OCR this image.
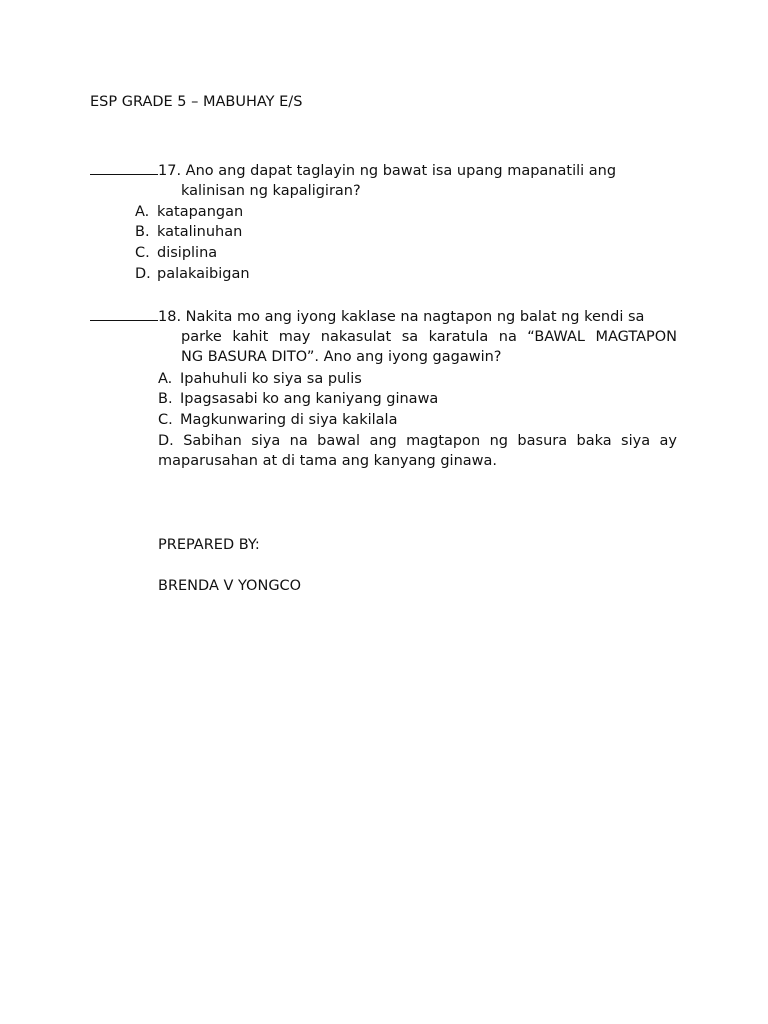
ESP GRADE 5 – MABUHAY E/S
17. Ano ang dapat taglayin ng bawat isa upang mapanatili ang
kalinisan ng kapaligiran?
A. katapangan
B. katalinuhan
C. disiplina
D. palakaibigan
18. Nakita mo ang iyong kaklase na nagtapon ng balat ng kendi sa
parke kahit may nakasulat sa karatula na “BAWAL MAGTAPON
NG BASURA DITO”. Ano ang iyong gagawin?
A. Ipahuhuli ko siya sa pulis
B. Ipagsasabi ko ang kaniyang ginawa
C. Magkunwaring di siya kakilala
D. Sabihan siya na bawal ang magtapon ng basura baka siya ay
maparusahan at di tama ang kanyang ginawa.
PREPARED BY:
BRENDA V YONGCO
